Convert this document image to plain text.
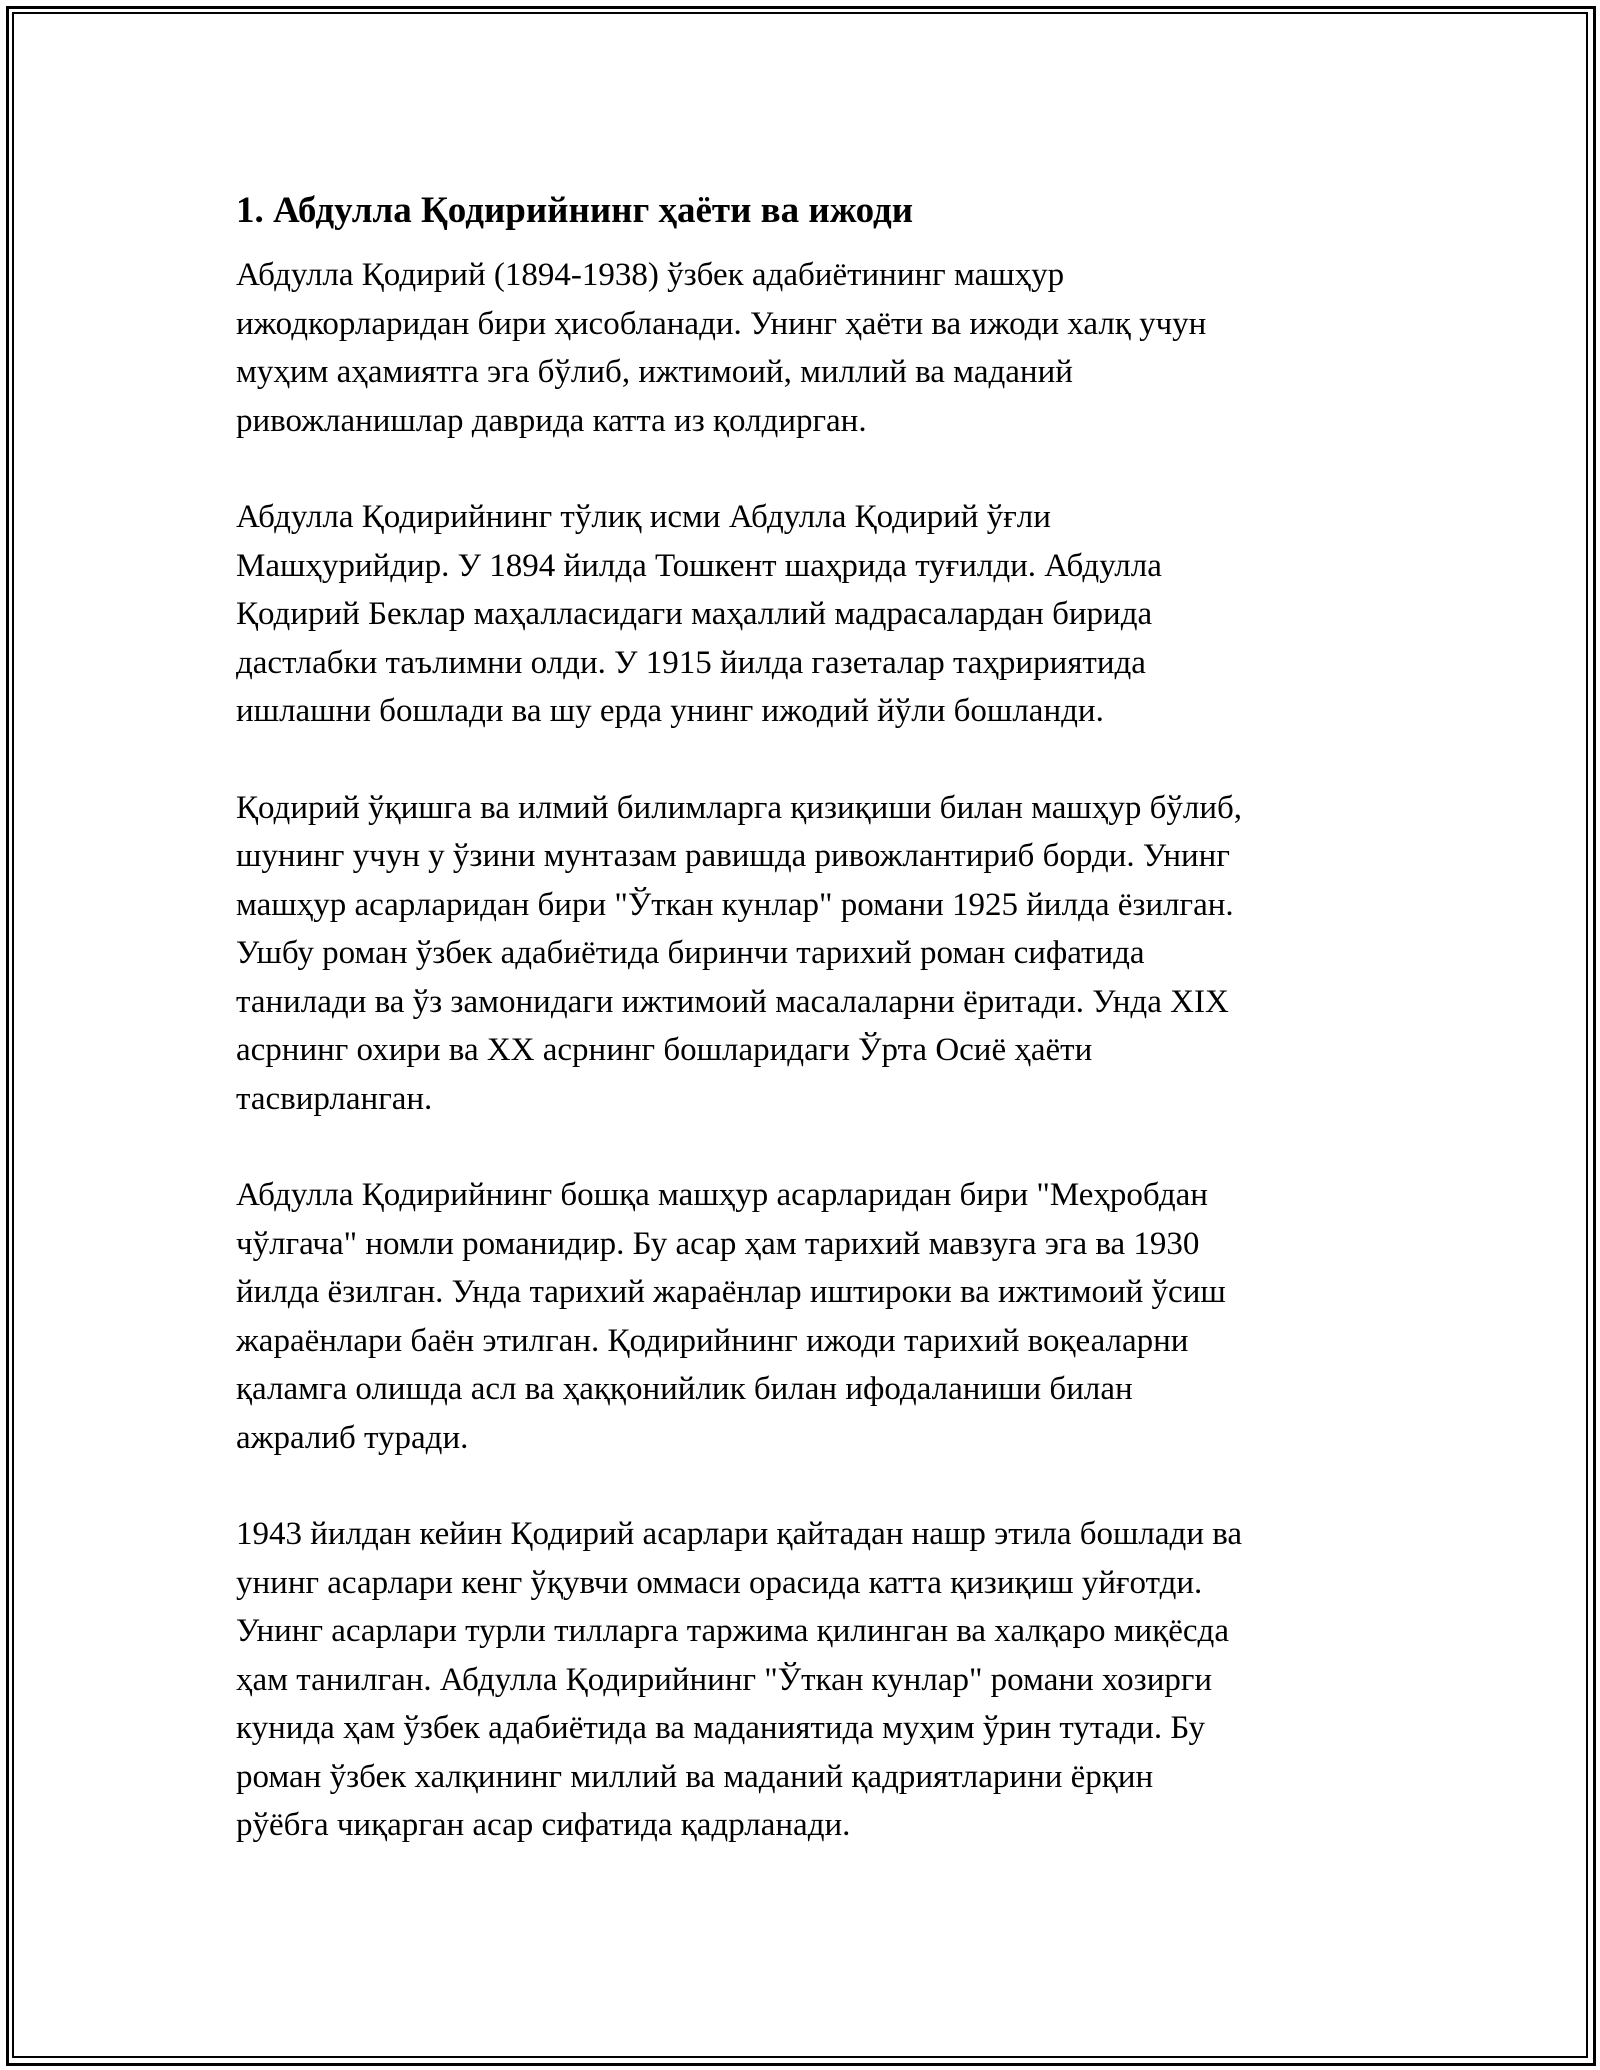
1. Абдулла Қодирийнинг ҳаёти ва ижоди

Абдулла Қодирий (1894-1938) ўзбек адабиётининг машҳур
ижодкорларидан бири ҳисобланади. Унинг ҳаёти ва ижоди халқ учун
муҳим аҳамиятга эга бўлиб, ижтимоий, миллий ва маданий
ривожланишлар даврида катта из қолдирган.

Абдулла Қодирийнинг тўлиқ исми Абдулла Қодирий ўғли
Машҳурийдир. У 1894 йилда Тошкент шаҳрида туғилди. Абдулла
Қодирий Беклар маҳалласидаги маҳаллий мадрасалардан бирида
дастлабки таълимни олди. У 1915 йилда газеталар таҳририятида
ишлашни бошлади ва шу ерда унинг ижодий йўли бошланди.

Қодирий ўқишга ва илмий билимларга қизиқиши билан машҳур бўлиб,
шунинг учун у ўзини мунтазам равишда ривожлантириб борди. Унинг
машҳур асарларидан бири "Ўткан кунлар" романи 1925 йилда ёзилган.
Ушбу роман ўзбек адабиётида биринчи тарихий роман сифатида
танилади ва ўз замонидаги ижтимоий масалаларни ёритади. Унда XIX
асрнинг охири ва XX асрнинг бошларидаги Ўрта Осиё ҳаёти
тасвирланган.

Абдулла Қодирийнинг бошқа машҳур асарларидан бири "Меҳробдан
чўлгача" номли романидир. Бу асар ҳам тарихий мавзуга эга ва 1930
йилда ёзилган. Унда тарихий жараёнлар иштироки ва ижтимоий ўсиш
жараёнлари баён этилган. Қодирийнинг ижоди тарихий воқеаларни
қаламга олишда асл ва ҳаққонийлик билан ифодаланиши билан
ажралиб туради.

1943 йилдан кейин Қодирий асарлари қайтадан нашр этила бошлади ва
унинг асарлари кенг ўқувчи оммаси орасида катта қизиқиш уйғотди.
Унинг асарлари турли тилларга таржима қилинган ва халқаро миқёсда
ҳам танилган. Абдулла Қодирийнинг "Ўткан кунлар" романи хозирги
кунида ҳам ўзбек адабиётида ва маданиятида муҳим ўрин тутади. Бу
роман ўзбек халқининг миллий ва маданий қадриятларини ёрқин
рўёбга чиқарган асар сифатида қадрланади.
